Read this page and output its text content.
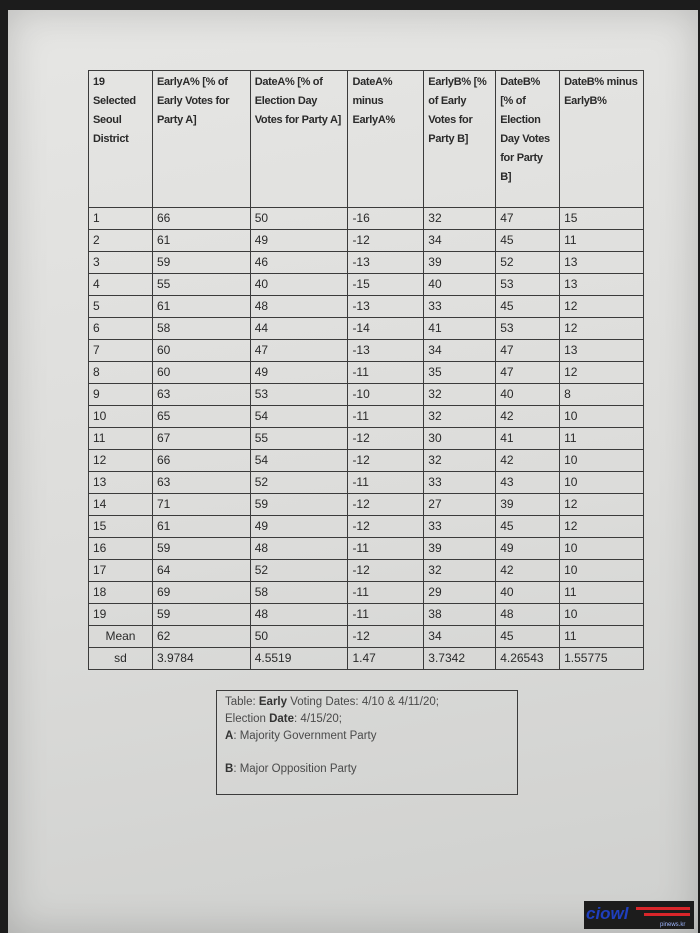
19 Selected Seoul District	EarlyA% [% of Early Votes for Party A]	DateA% [% of Election Day Votes for Party A]	DateA% minus EarlyA%	EarlyB% [% of Early Votes for Party B]	DateB% [% of Election Day Votes for Party B]	DateB% minus EarlyB%
1	66	50	-16	32	47	15
2	61	49	-12	34	45	11
3	59	46	-13	39	52	13
4	55	40	-15	40	53	13
5	61	48	-13	33	45	12
6	58	44	-14	41	53	12
7	60	47	-13	34	47	13
8	60	49	-11	35	47	12
9	63	53	-10	32	40	8
10	65	54	-11	32	42	10
11	67	55	-12	30	41	11
12	66	54	-12	32	42	10
13	63	52	-11	33	43	10
14	71	59	-12	27	39	12
15	61	49	-12	33	45	12
16	59	48	-11	39	49	10
17	64	52	-12	32	42	10
18	69	58	-11	29	40	11
19	59	48	-11	38	48	10
Mean	62	50	-12	34	45	11
sd	3.9784	4.5519	1.47	3.7342	4.26543	1.55775

Table: Early Voting Dates: 4/10 & 4/11/20;

Election Date: 4/15/20;

A: Majority Government Party

B: Major Opposition Party

ciowl
pinews.kr
